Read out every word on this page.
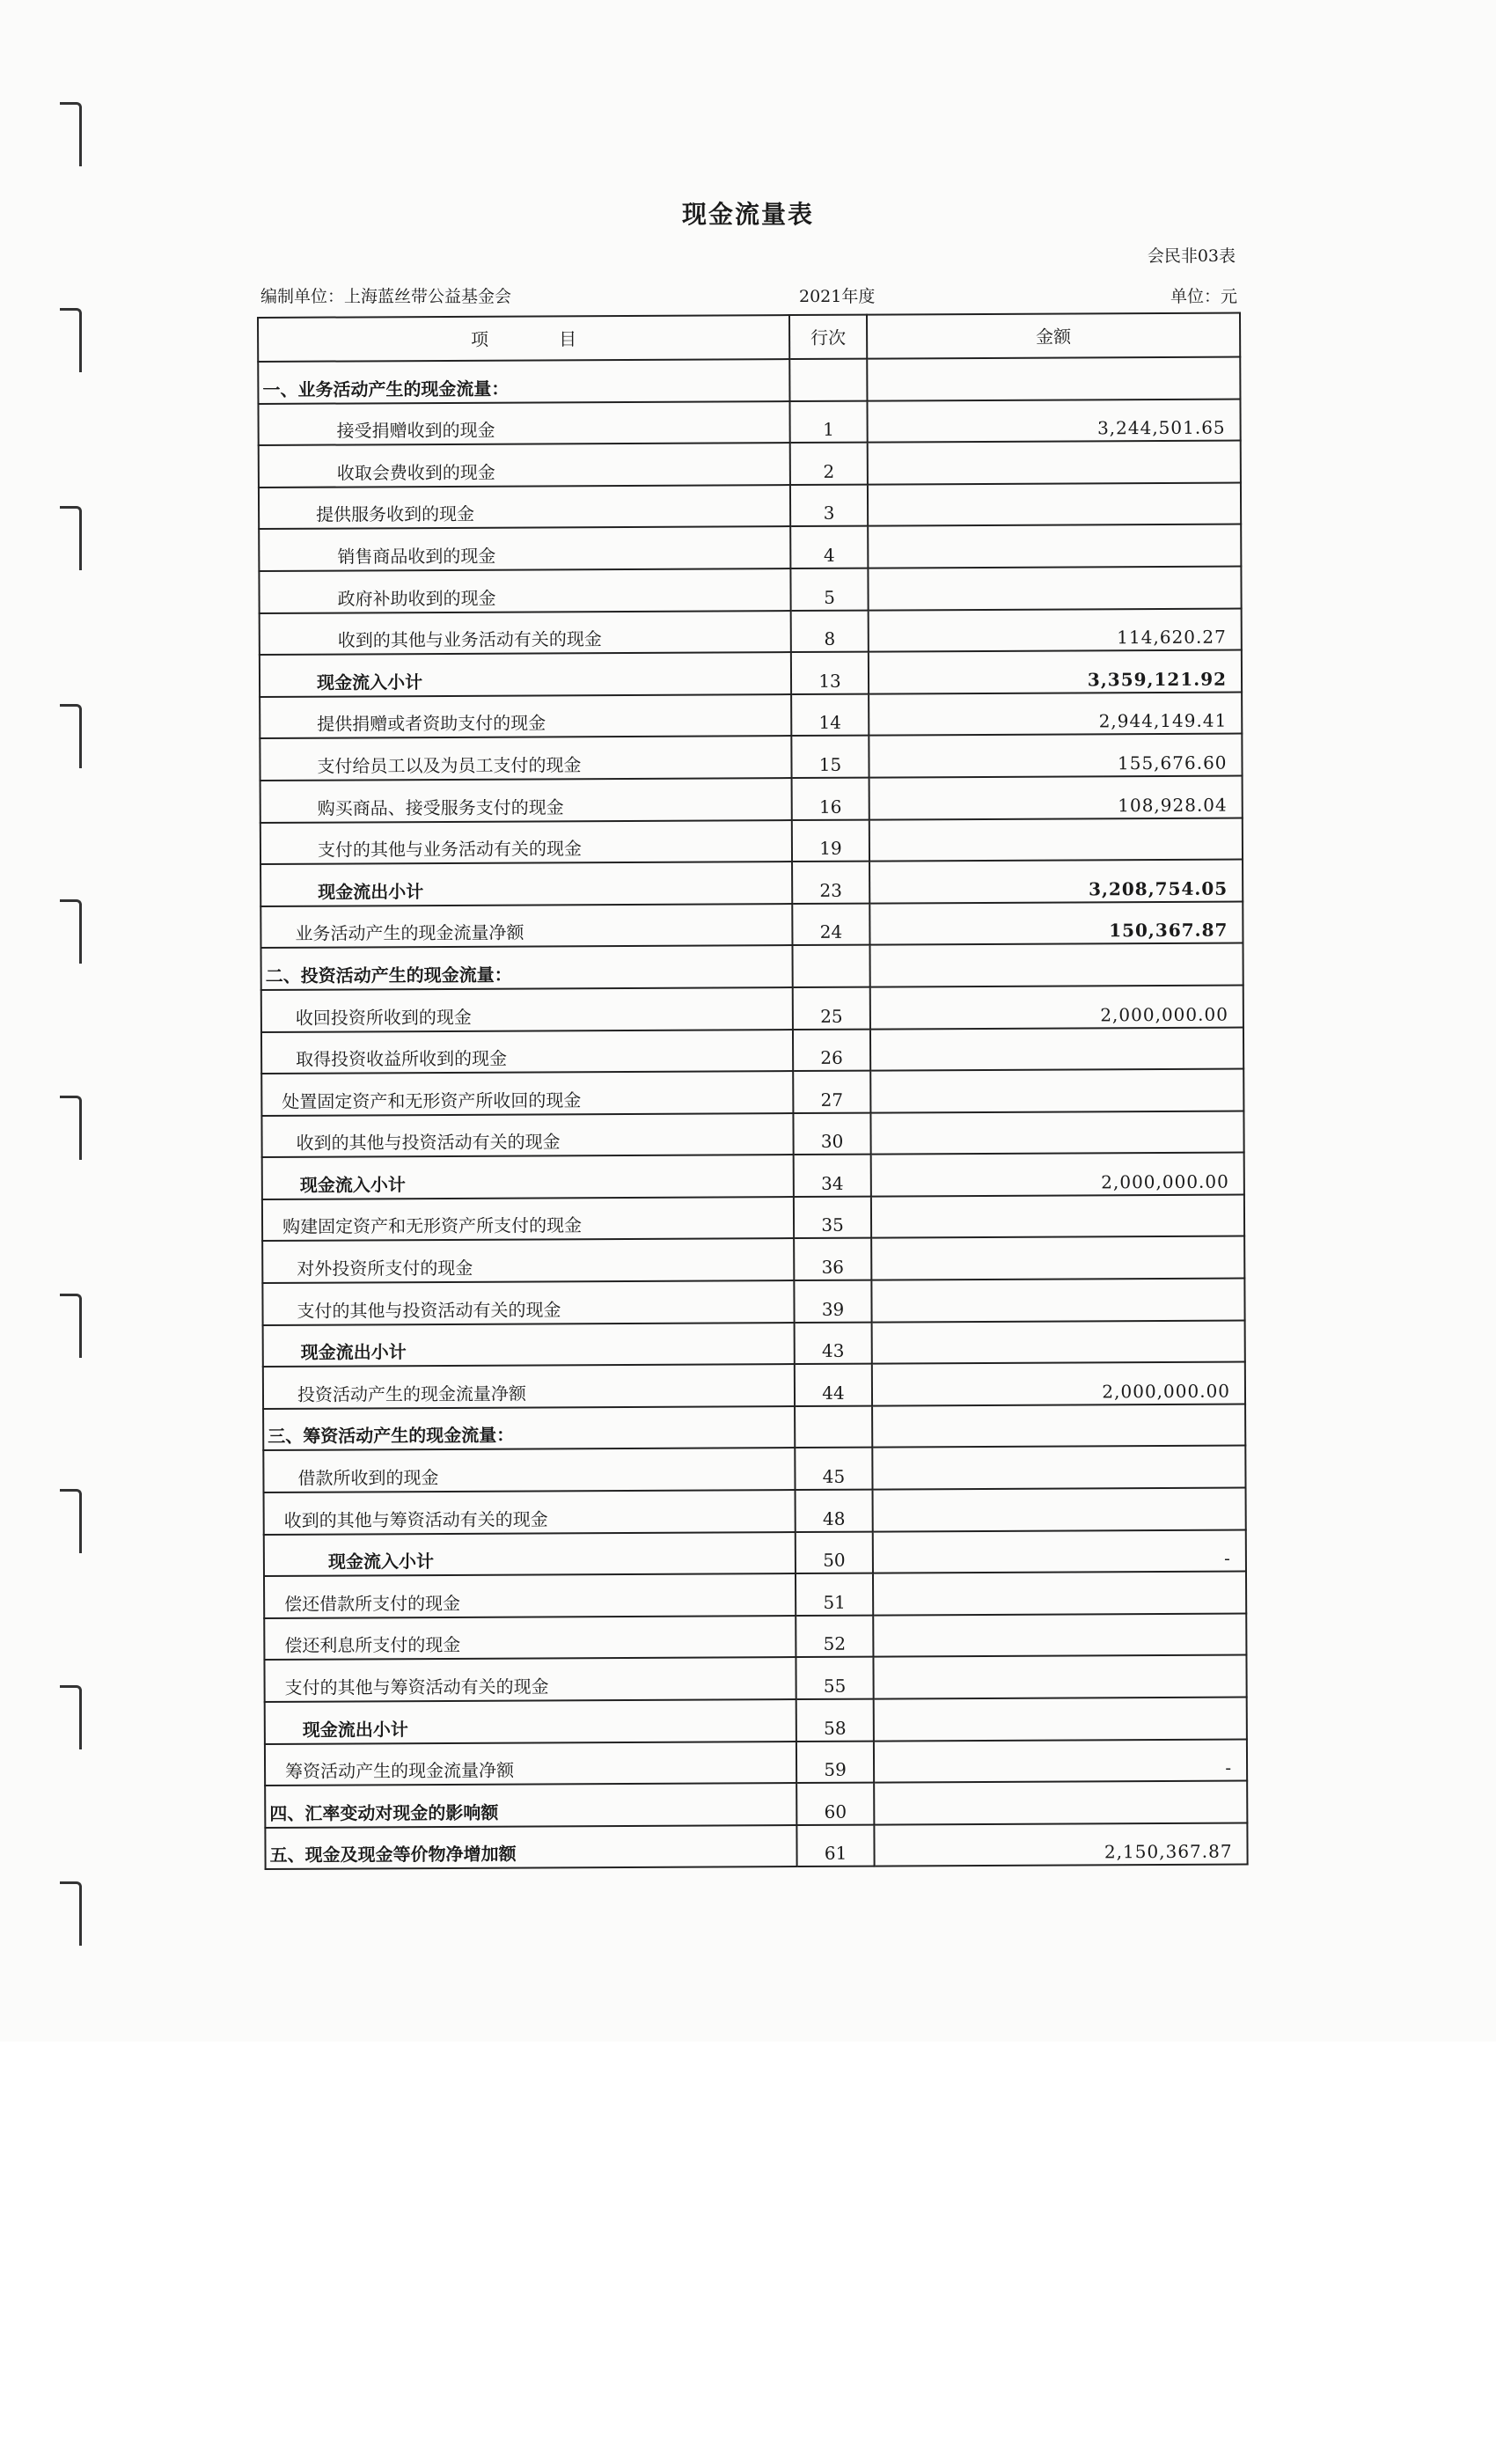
现金流量表
会民非03表
编制单位：上海蓝丝带公益基金会	2021年度	单位：元
项　　　　目	行次	金额
一、业务活动产生的现金流量：		
接受捐赠收到的现金	1	3,244,501.65
收取会费收到的现金	2	
提供服务收到的现金	3	
销售商品收到的现金	4	
政府补助收到的现金	5	
收到的其他与业务活动有关的现金	8	114,620.27
现金流入小计	13	3,359,121.92
提供捐赠或者资助支付的现金	14	2,944,149.41
支付给员工以及为员工支付的现金	15	155,676.60
购买商品、接受服务支付的现金	16	108,928.04
支付的其他与业务活动有关的现金	19	
现金流出小计	23	3,208,754.05
业务活动产生的现金流量净额	24	150,367.87
二、投资活动产生的现金流量：		
收回投资所收到的现金	25	2,000,000.00
取得投资收益所收到的现金	26	
处置固定资产和无形资产所收回的现金	27	
收到的其他与投资活动有关的现金	30	
现金流入小计	34	2,000,000.00
购建固定资产和无形资产所支付的现金	35	
对外投资所支付的现金	36	
支付的其他与投资活动有关的现金	39	
现金流出小计	43	
投资活动产生的现金流量净额	44	2,000,000.00
三、筹资活动产生的现金流量：		
借款所收到的现金	45	
收到的其他与筹资活动有关的现金	48	
现金流入小计	50	-
偿还借款所支付的现金	51	
偿还利息所支付的现金	52	
支付的其他与筹资活动有关的现金	55	
现金流出小计	58	
筹资活动产生的现金流量净额	59	-
四、汇率变动对现金的影响额	60	
五、现金及现金等价物净增加额	61	2,150,367.87
